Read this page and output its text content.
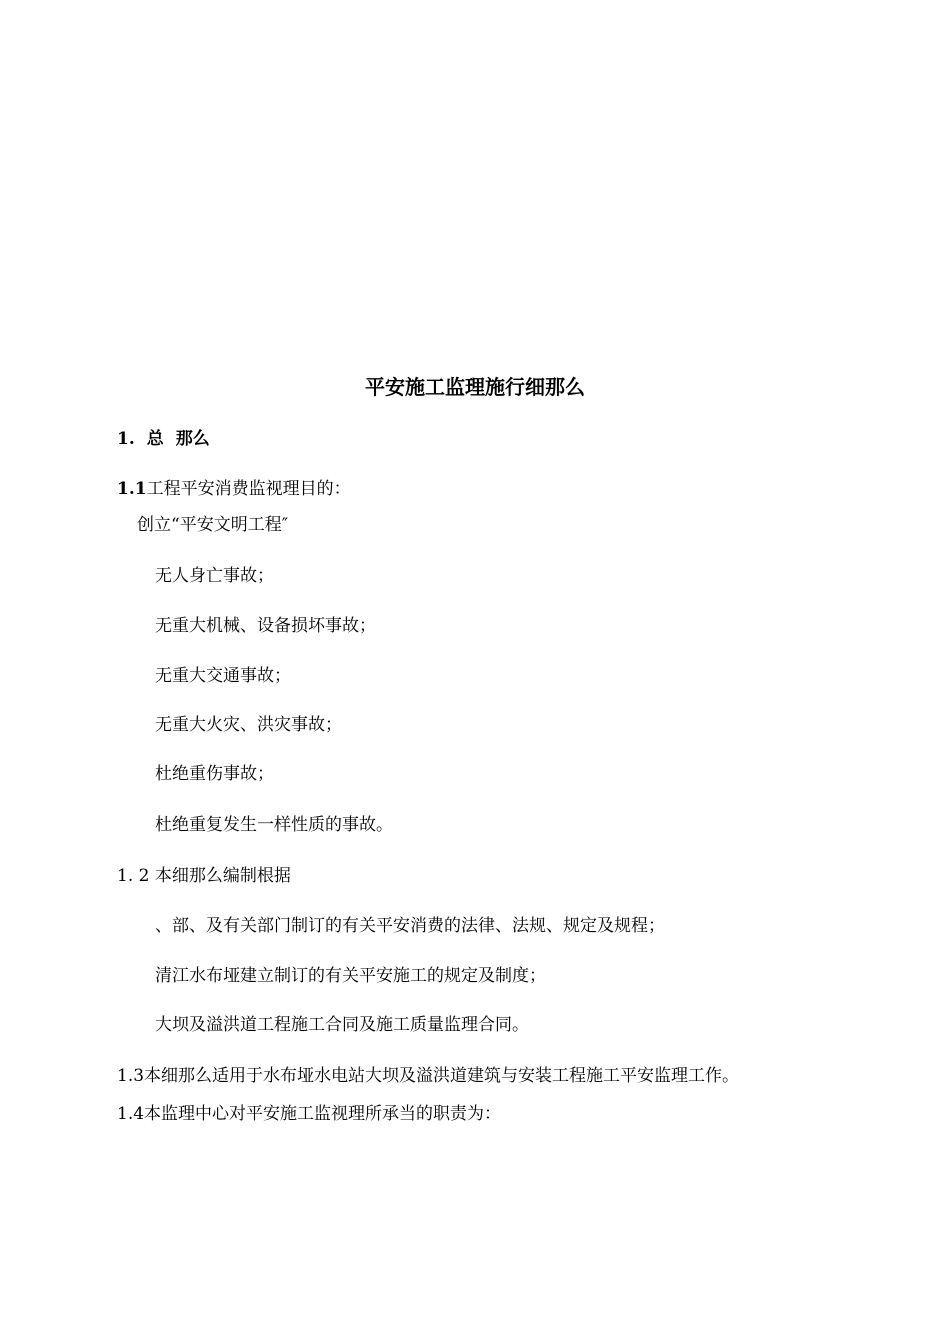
平安施工监理施行细那么
1. 总 那么
1.1工程平安消费监视理目的：
创立“平安文明工程″
无人身亡事故；
无重大机械、设备损坏事故；
无重大交通事故；
无重大火灾、洪灾事故；
杜绝重伤事故；
杜绝重复发生一样性质的事故。
1. 2 本细那么编制根据
、部、及有关部门制订的有关平安消费的法律、法规、规定及规程；
清江水布垭建立制订的有关平安施工的规定及制度；
大坝及溢洪道工程施工合同及施工质量监理合同。
1.3本细那么适用于水布垭水电站大坝及溢洪道建筑与安装工程施工平安监理工作。
1.4本监理中心对平安施工监视理所承当的职责为：
